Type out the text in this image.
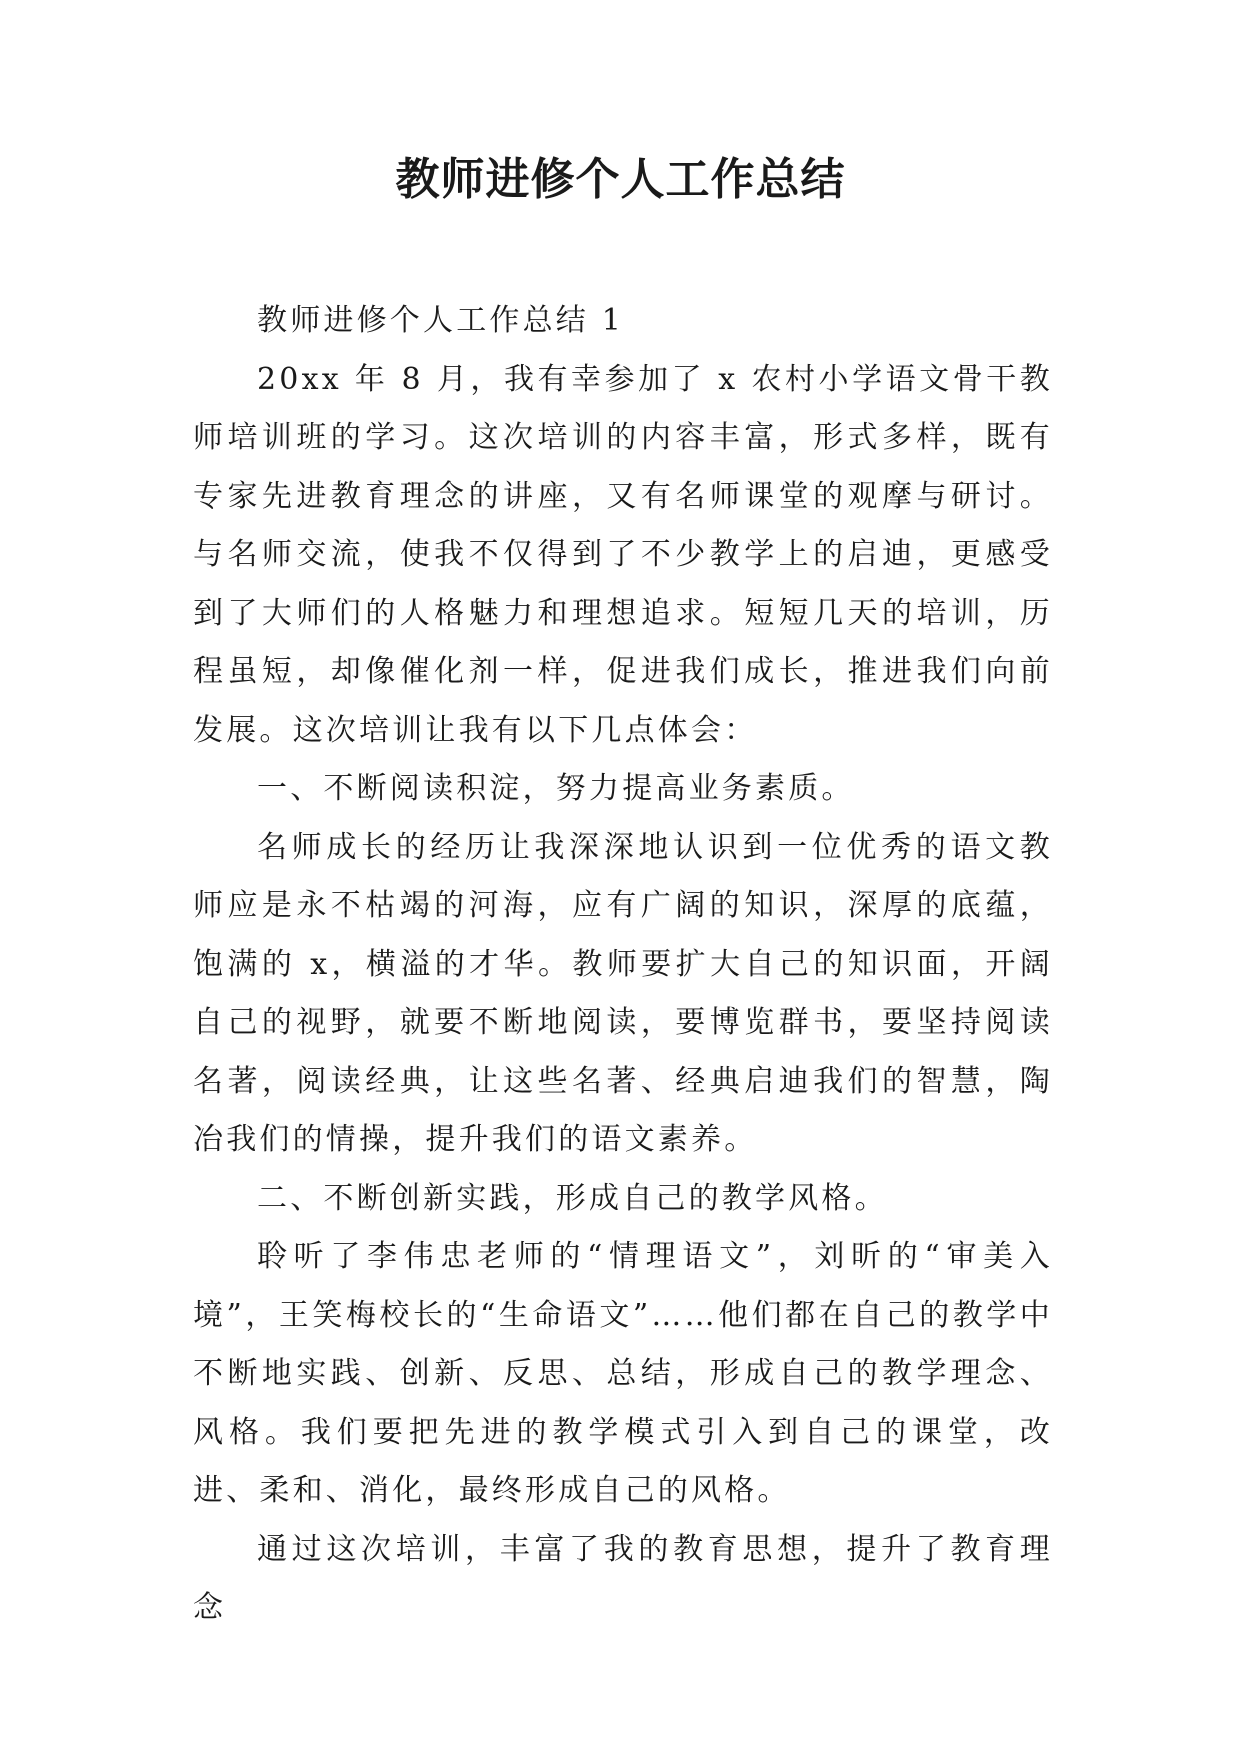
教师进修个人工作总结

教师进修个人工作总结 1

20xx 年 8 月，我有幸参加了 x 农村小学语文骨干教师培训班的学习。这次培训的内容丰富，形式多样，既有专家先进教育理念的讲座，又有名师课堂的观摩与研讨。与名师交流，使我不仅得到了不少教学上的启迪，更感受到了大师们的人格魅力和理想追求。短短几天的培训，历程虽短，却像催化剂一样，促进我们成长，推进我们向前发展。这次培训让我有以下几点体会：

一、不断阅读积淀，努力提高业务素质。

名师成长的经历让我深深地认识到一位优秀的语文教师应是永不枯竭的河海，应有广阔的知识，深厚的底蕴，饱满的 x，横溢的才华。教师要扩大自己的知识面，开阔自己的视野，就要不断地阅读，要博览群书，要坚持阅读名著，阅读经典，让这些名著、经典启迪我们的智慧，陶冶我们的情操，提升我们的语文素养。

二、不断创新实践，形成自己的教学风格。

聆听了李伟忠老师的“情理语文”，刘昕的“审美入境”，王笑梅校长的“生命语文”……他们都在自己的教学中不断地实践、创新、反思、总结，形成自己的教学理念、风格。我们要把先进的教学模式引入到自己的课堂，改进、柔和、消化，最终形成自己的风格。

通过这次培训，丰富了我的教育思想，提升了教育理念
